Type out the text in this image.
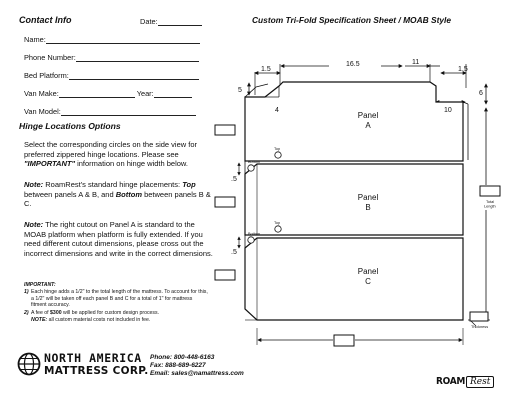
Contact Info	Date:
Name:
Phone Number:
Bed Platform:
Van Make:	Year:
Van Model:
Hinge Locations Options
Select the corresponding circles on the side view for preferred zippered hinge locations. Please see "IMPORTANT" information on hinge width below.
Note: RoamRest's standard hinge placements: Top between panels A & B, and Bottom between panels B & C.
Note: The right cutout on Panel A is standard to the MOAB platform when platform is fully extended. If you need different cutout dimensions, please cross out the incorrect dimensions and write in the correct dimensions.
IMPORTANT:
1) Each hinge adds a 1/2" to the total length of the mattress. To account for this, a 1/2" will be taken off each panel B and C for a total of 1" for mattress fitment accuracy.
2) A fee of $300 will be applied for custom design process.
NOTE: all custom material costs not included in fee.
NORTH AMERICA
MATTRESS CORP.
Phone: 800-448-6163
Fax: 888-689-6227
Email: sales@namattress.com
ROAM Rest
Custom Tri-Fold Specification Sheet / MOAB Style
1.5
16.5	11
1.5
5	6
4	10
.5
.5
Panel
A
Panel
B
Panel
C
Bottom
Top
Bottom
Top
Total Length
Thickness
